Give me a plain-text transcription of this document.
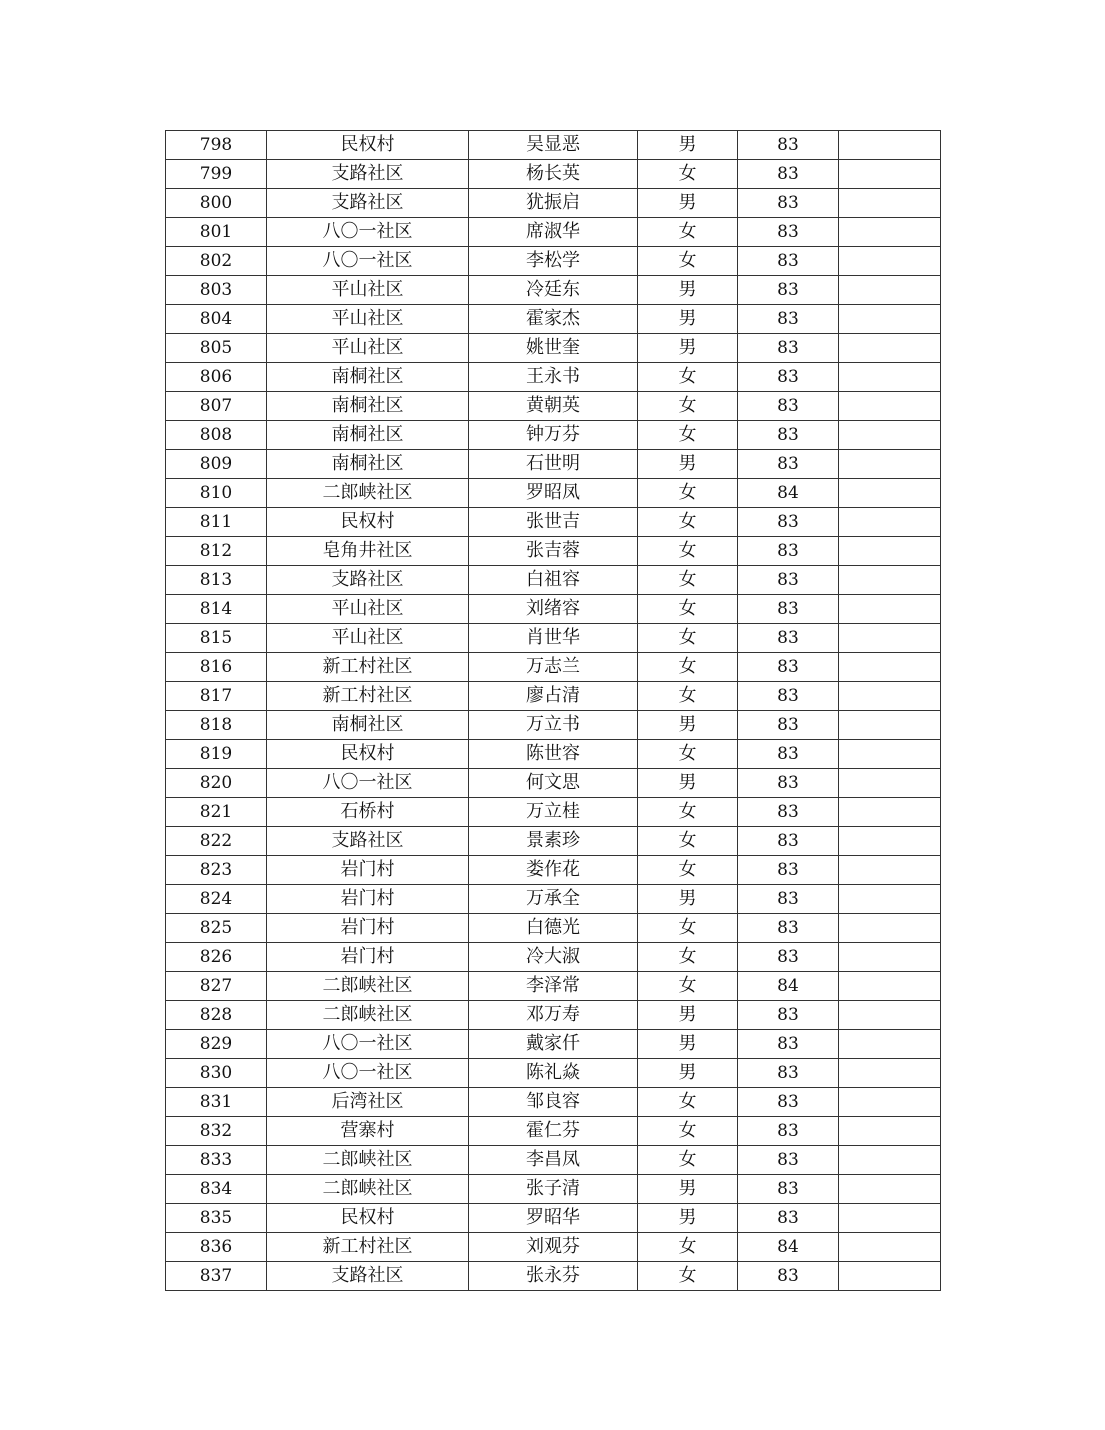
798	民权村	吴显恶	男	83	
799	支路社区	杨长英	女	83	
800	支路社区	犹振启	男	83	
801	八〇一社区	席淑华	女	83	
802	八〇一社区	李松学	女	83	
803	平山社区	冷廷东	男	83	
804	平山社区	霍家杰	男	83	
805	平山社区	姚世奎	男	83	
806	南桐社区	王永书	女	83	
807	南桐社区	黄朝英	女	83	
808	南桐社区	钟万芬	女	83	
809	南桐社区	石世明	男	83	
810	二郎峡社区	罗昭凤	女	84	
811	民权村	张世吉	女	83	
812	皂角井社区	张吉蓉	女	83	
813	支路社区	白祖容	女	83	
814	平山社区	刘绪容	女	83	
815	平山社区	肖世华	女	83	
816	新工村社区	万志兰	女	83	
817	新工村社区	廖占清	女	83	
818	南桐社区	万立书	男	83	
819	民权村	陈世容	女	83	
820	八〇一社区	何文思	男	83	
821	石桥村	万立桂	女	83	
822	支路社区	景素珍	女	83	
823	岩门村	娄作花	女	83	
824	岩门村	万承全	男	83	
825	岩门村	白德光	女	83	
826	岩门村	冷大淑	女	83	
827	二郎峡社区	李泽常	女	84	
828	二郎峡社区	邓万寿	男	83	
829	八〇一社区	戴家仟	男	83	
830	八〇一社区	陈礼焱	男	83	
831	后湾社区	邹良容	女	83	
832	营寨村	霍仁芬	女	83	
833	二郎峡社区	李昌凤	女	83	
834	二郎峡社区	张子清	男	83	
835	民权村	罗昭华	男	83	
836	新工村社区	刘观芬	女	84	
837	支路社区	张永芬	女	83	
